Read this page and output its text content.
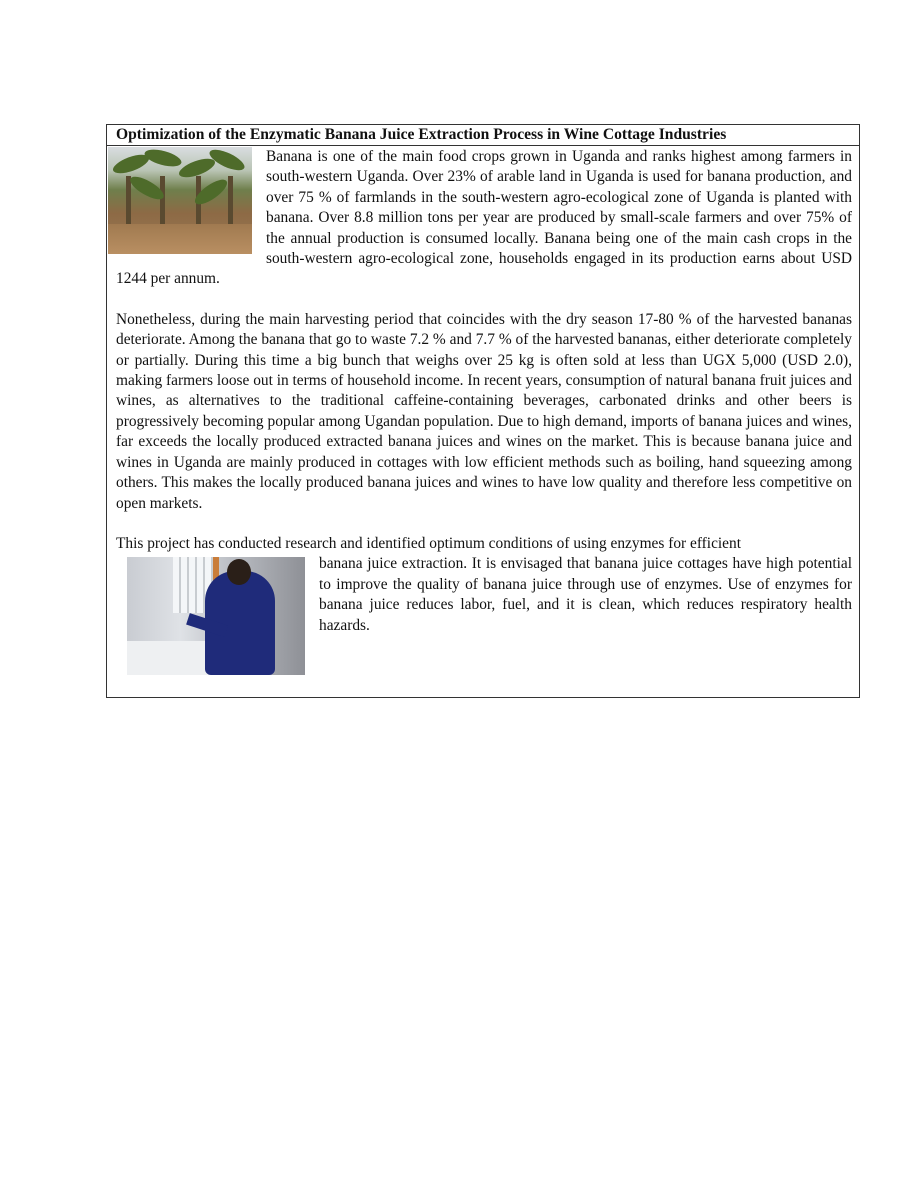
Optimization of the Enzymatic Banana Juice Extraction Process in Wine Cottage Industries

Banana is one of the main food crops grown in Uganda and ranks highest among farmers in south-western Uganda. Over 23% of arable land in Uganda is used for banana production, and over 75 % of farmlands in the south-western agro-ecological zone of Uganda is planted with banana. Over 8.8 million tons per year are produced by small-scale farmers and over 75% of the annual production is consumed locally. Banana being one of the main cash crops in the south-western agro-ecological zone, households engaged in its production earns about USD 1244 per annum.

Nonetheless, during the main harvesting period that coincides with the dry season 17-80 % of the harvested bananas deteriorate. Among the banana that go to waste 7.2 % and 7.7 % of the harvested bananas, either deteriorate completely or partially. During this time a big bunch that weighs over 25 kg is often sold at less than UGX 5,000 (USD 2.0), making farmers loose out in terms of household income. In recent years, consumption of natural banana fruit juices and wines, as alternatives to the traditional caffeine-containing beverages, carbonated drinks and other beers is progressively becoming popular among Ugandan population. Due to high demand, imports of banana juices and wines, far exceeds the locally produced extracted banana juices and wines on the market. This is because banana juice and wines in Uganda are mainly produced in cottages with low efficient methods such as boiling, hand squeezing among others. This makes the locally produced banana juices and wines to have low quality and therefore less competitive on open markets.

This project has conducted research and identified optimum conditions of using enzymes for efficient

banana juice extraction. It is envisaged that banana juice cottages have high potential to improve the quality of banana juice through use of enzymes. Use of enzymes for banana juice reduces labor, fuel, and it is clean, which reduces respiratory health hazards.
